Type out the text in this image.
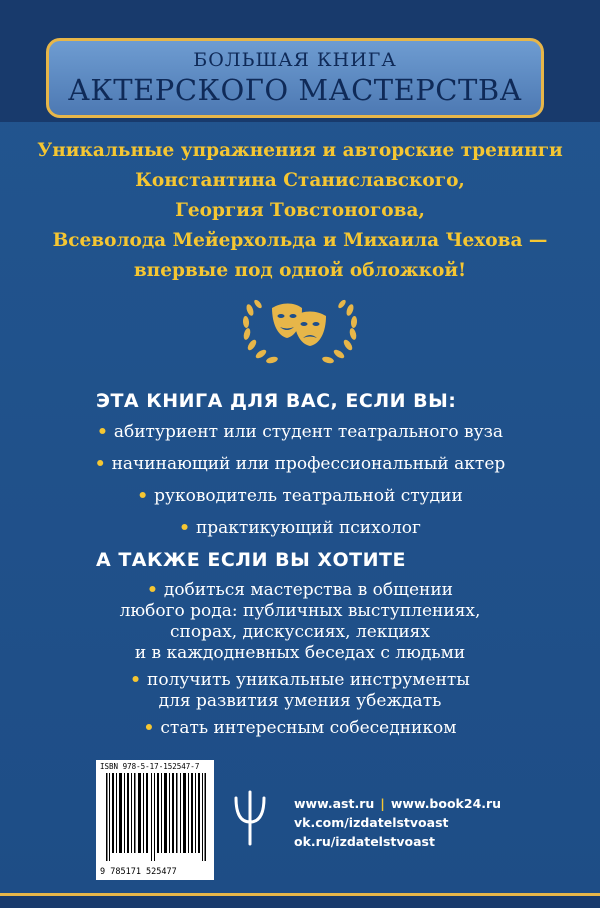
БОЛЬШАЯ КНИГА
АКТЕРСКОГО МАСТЕРСТВА
Уникальные упражнения и авторские тренинги
Константина Станиславского,
Георгия Товстоногова,
Всеволода Мейерхольда и Михаила Чехова —
впервые под одной обложкой!
ЭТА КНИГА ДЛЯ ВАС, ЕСЛИ ВЫ:
• абитуриент или студент театрального вуза
• начинающий или профессиональный актер
• руководитель театральной студии
• практикующий психолог
А ТАКЖЕ ЕСЛИ ВЫ ХОТИТЕ
• добиться мастерства в общении
любого рода: публичных выступлениях,
спорах, дискуссиях, лекциях
и в каждодневных беседах с людьми
• получить уникальные инструменты
для развития умения убеждать
• стать интересным собеседником
ISBN 978-5-17-152547-7
9 785171 525477
www.ast.ru | www.book24.ru
vk.com/izdatelstvoast
ok.ru/izdatelstvoast
